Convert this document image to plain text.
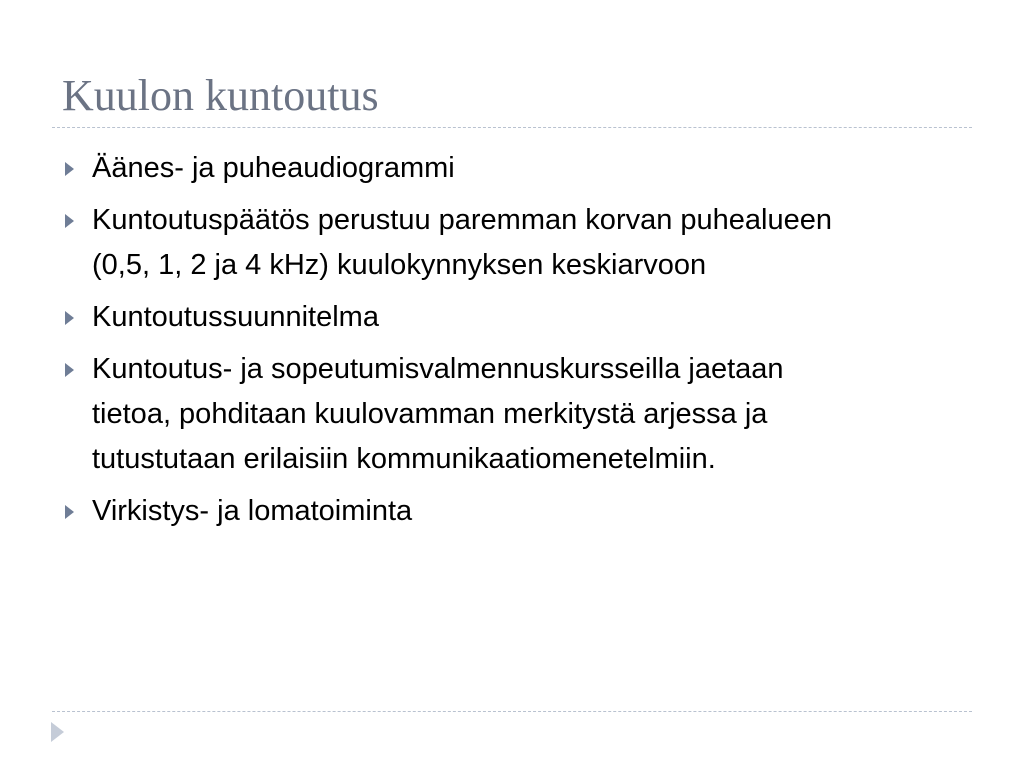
Kuulon kuntoutus
Äänes- ja puheaudiogrammi
Kuntoutuspäätös perustuu paremman korvan puhealueen
(0,5, 1, 2 ja 4 kHz) kuulokynnyksen keskiarvoon
Kuntoutussuunnitelma
Kuntoutus- ja sopeutumisvalmennuskursseilla jaetaan
tietoa, pohditaan kuulovamman merkitystä arjessa ja
tutustutaan erilaisiin kommunikaatiomenetelmiin.
Virkistys- ja lomatoiminta
